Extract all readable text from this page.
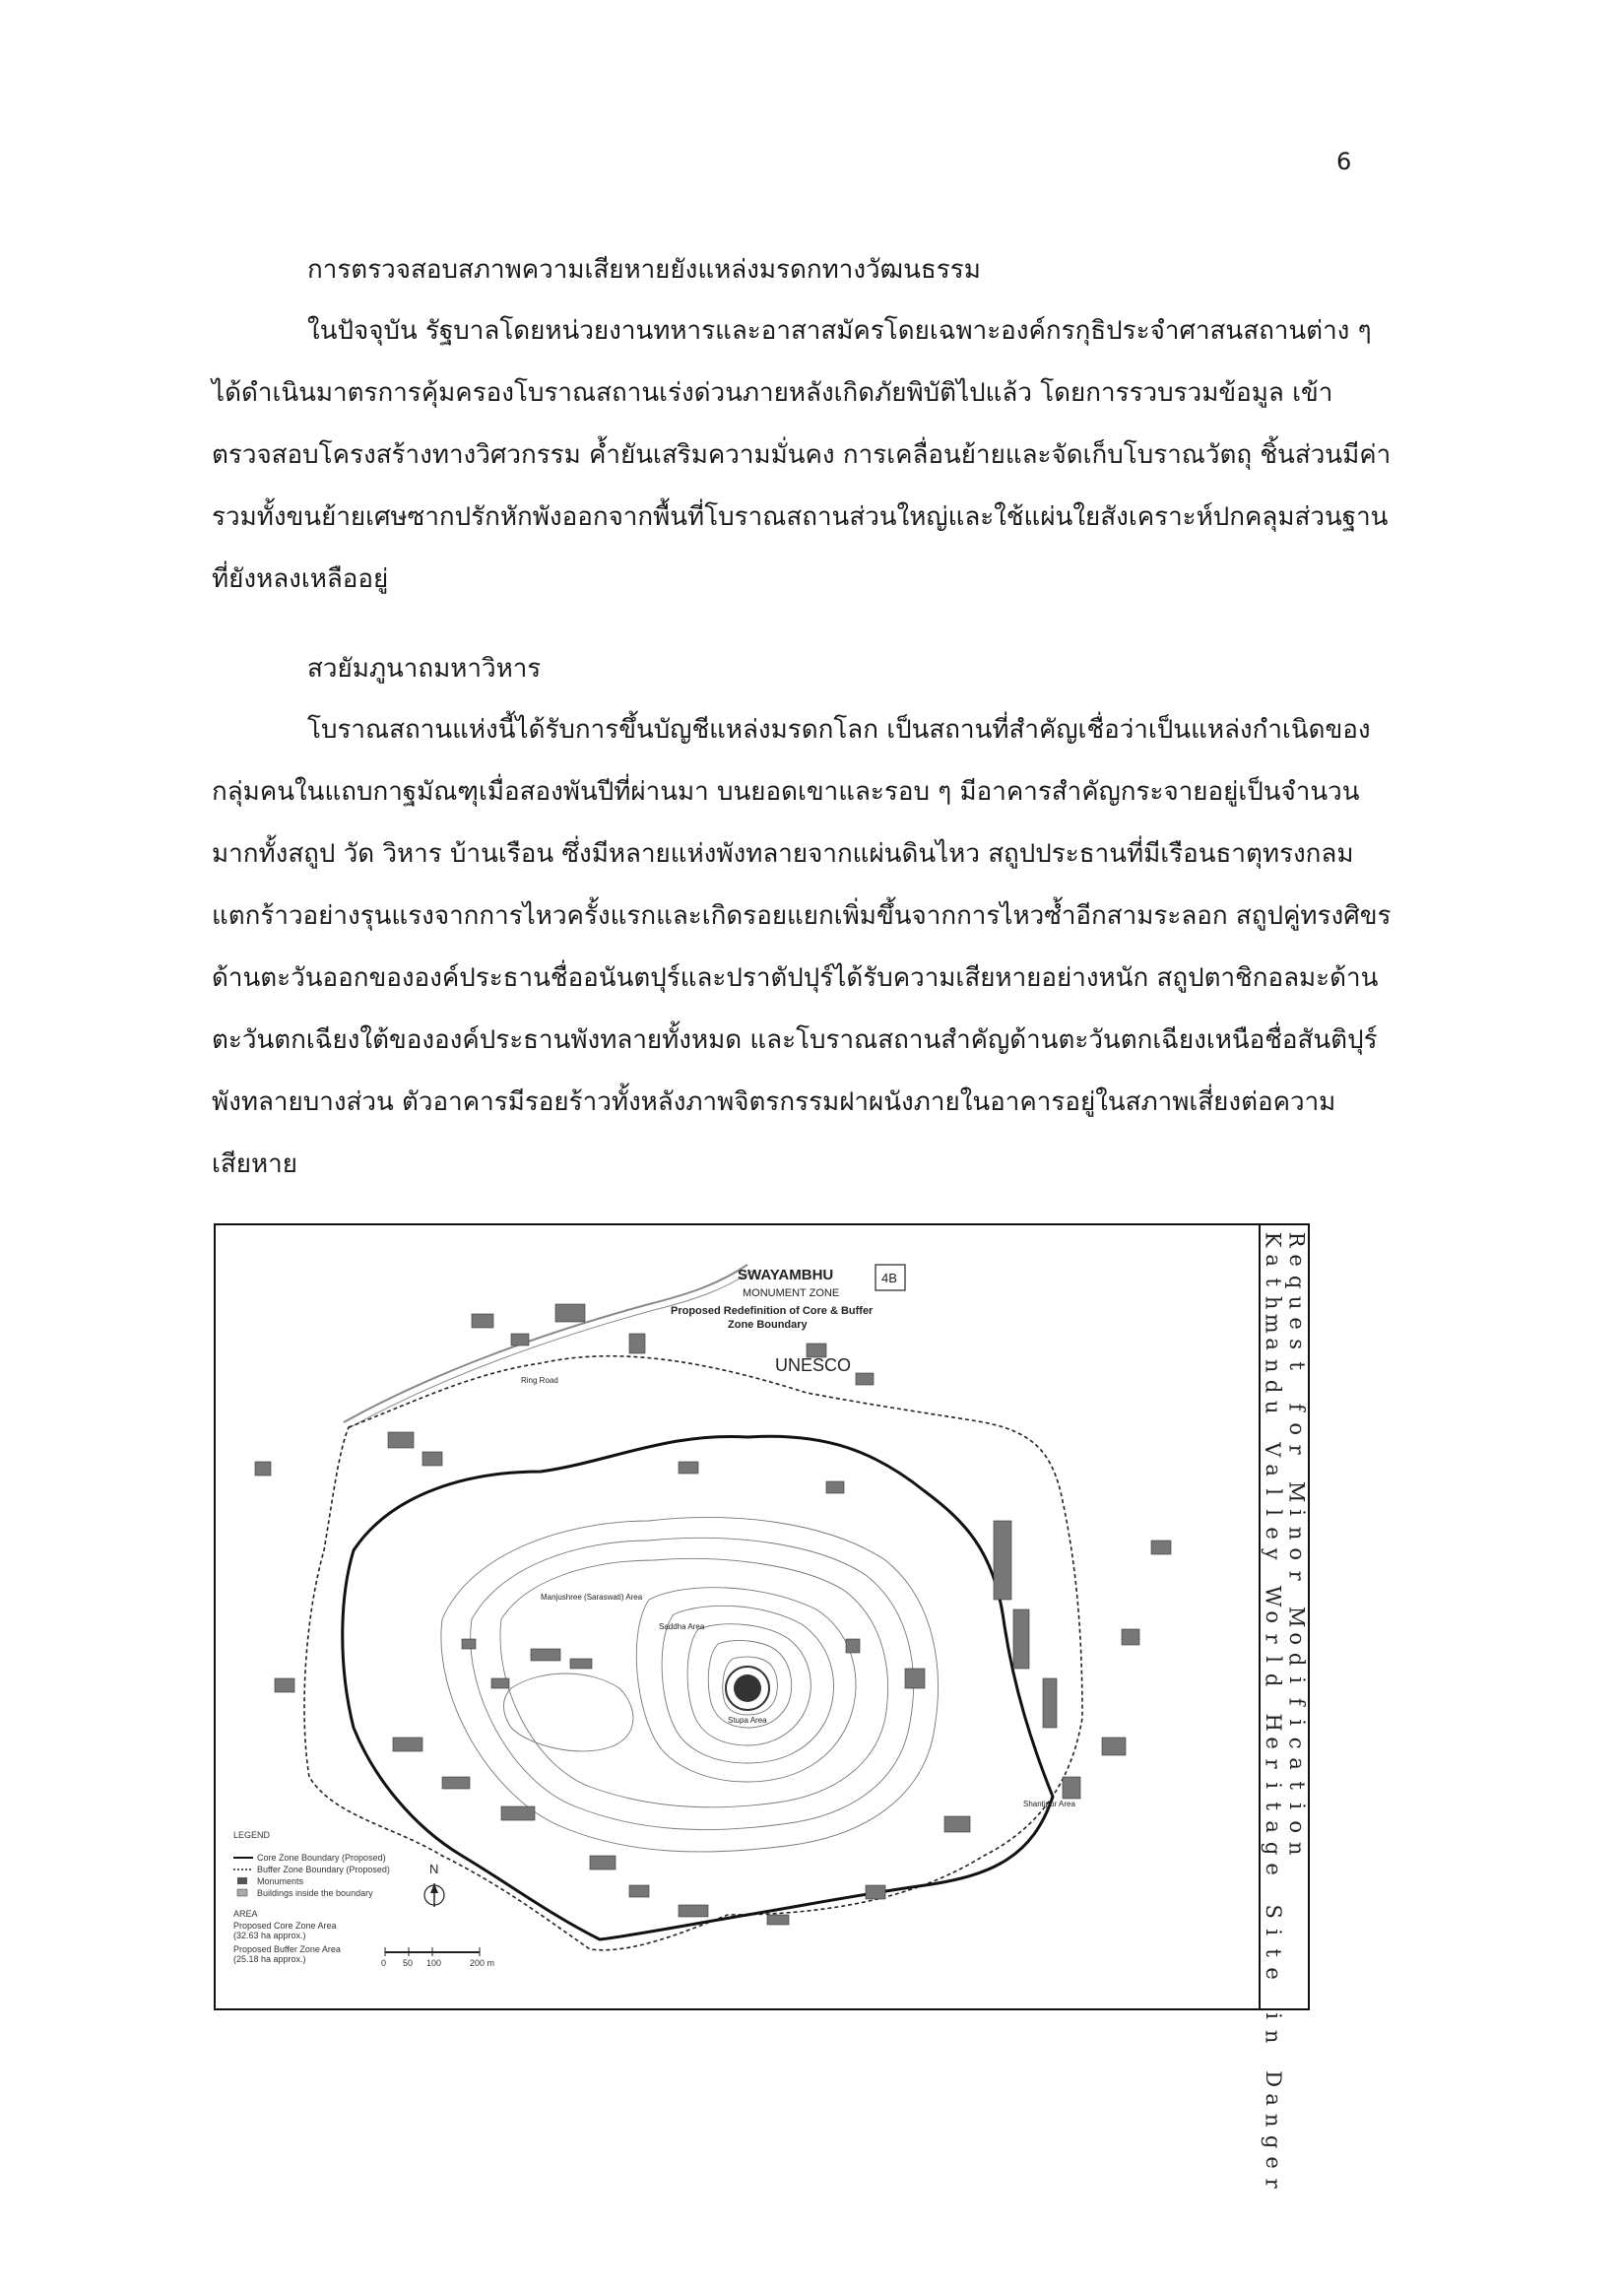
6
การตรวจสอบสภาพความเสียหายยังแหล่งมรดกทางวัฒนธรรม
ในปัจจุบัน รัฐบาลโดยหน่วยงานทหารและอาสาสมัครโดยเฉพาะองค์กรกุธิประจำศาสนสถานต่าง ๆ
ได้ดำเนินมาตรการคุ้มครองโบราณสถานเร่งด่วนภายหลังเกิดภัยพิบัติไปแล้ว โดยการรวบรวมข้อมูล เข้า
ตรวจสอบโครงสร้างทางวิศวกรรม ค้ำยันเสริมความมั่นคง การเคลื่อนย้ายและจัดเก็บโบราณวัตถุ ชิ้นส่วนมีค่า
รวมทั้งขนย้ายเศษซากปรักหักพังออกจากพื้นที่โบราณสถานส่วนใหญ่และใช้แผ่นใยสังเคราะห์ปกคลุมส่วนฐาน
ที่ยังหลงเหลืออยู่
สวยัมภูนาถมหาวิหาร
โบราณสถานแห่งนี้ได้รับการขึ้นบัญชีแหล่งมรดกโลก เป็นสถานที่สำคัญเชื่อว่าเป็นแหล่งกำเนิดของ
กลุ่มคนในแถบกาฐมัณฑุเมื่อสองพันปีที่ผ่านมา บนยอดเขาและรอบ ๆ มีอาคารสำคัญกระจายอยู่เป็นจำนวน
มากทั้งสถูป วัด วิหาร บ้านเรือน ซึ่งมีหลายแห่งพังทลายจากแผ่นดินไหว สถูปประธานที่มีเรือนธาตุทรงกลม
แตกร้าวอย่างรุนแรงจากการไหวครั้งแรกและเกิดรอยแยกเพิ่มขึ้นจากการไหวซ้ำอีกสามระลอก สถูปคู่ทรงศิขร
ด้านตะวันออกขององค์ประธานชื่ออนันตปุร์และปราตัปปุร์ได้รับความเสียหายอย่างหนัก สถูปตาชิกอลมะด้าน
ตะวันตกเฉียงใต้ขององค์ประธานพังทลายทั้งหมด และโบราณสถานสำคัญด้านตะวันตกเฉียงเหนือชื่อสันติปุร์
พังทลายบางส่วน ตัวอาคารมีรอยร้าวทั้งหลังภาพจิตรกรรมฝาผนังภายในอาคารอยู่ในสภาพเสี่ยงต่อความ
เสียหาย
SWAYAMBHU
MONUMENT ZONE
Proposed Redefinition of Core & Buffer
Zone Boundary
4B
UNESCO
Ring Road
Manjushree (Saraswati) Area
Saddha Area
Stupa Area
Shantipur Area
N
0 50 100	200 m
LEGEND
Core Zone Boundary (Proposed)
Buffer Zone Boundary (Proposed)
Monuments
Buildings inside the boundary
AREA
Proposed Core Zone Area
(32.63 ha approx.)
Proposed Buffer Zone Area
(25.18 ha approx.)
K
a
t
h
m
a
n
d
u

V
a
l
l
e
y

W
o
r
l
d

H
e
r
i
t
a
g
e

S
i
t
e

i
n

D
a
n
g
e
r
R
e
q
u
e
s
t

f
o
r

M
i
n
o
r

M
o
d
i
f
i
c
a
t
i
o
n
